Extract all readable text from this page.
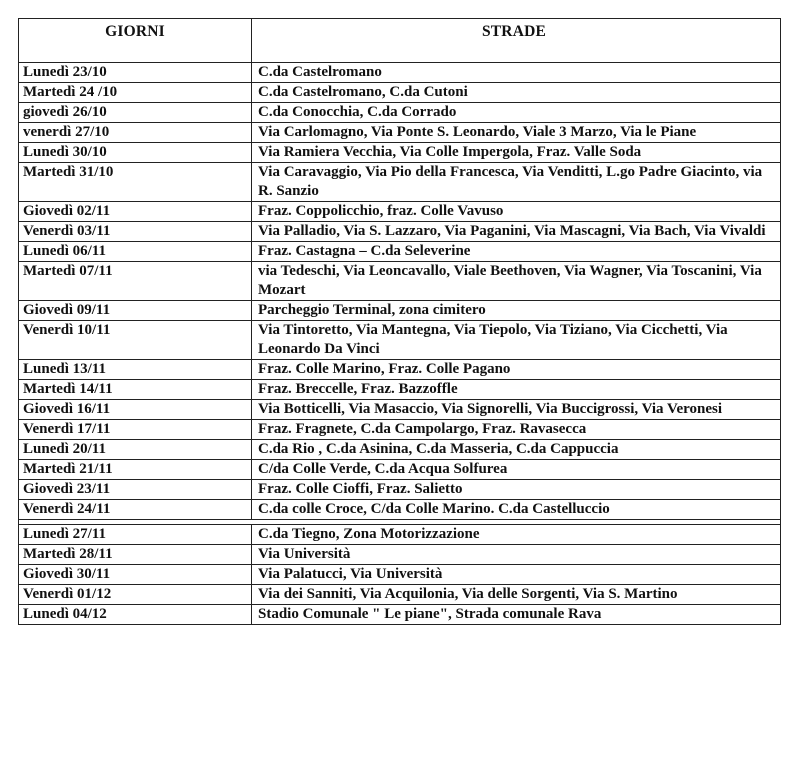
GIORNI	STRADE
Lunedì 23/10	C.da Castelromano
Martedì 24 /10	C.da Castelromano, C.da Cutoni
giovedì 26/10	C.da Conocchia, C.da Corrado
venerdì 27/10	Via Carlomagno, Via Ponte S. Leonardo, Viale 3 Marzo, Via le Piane
Lunedì 30/10	Via Ramiera Vecchia, Via Colle Impergola, Fraz. Valle Soda
Martedì 31/10	Via Caravaggio, Via Pio della Francesca, Via Venditti, L.go Padre Giacinto, via R. Sanzio
Giovedì 02/11	Fraz. Coppolicchio, fraz. Colle Vavuso
Venerdì 03/11	Via Palladio, Via S. Lazzaro, Via Paganini, Via Mascagni, Via Bach, Via Vivaldi
Lunedì 06/11	Fraz. Castagna – C.da Seleverine
Martedì 07/11	via Tedeschi, Via Leoncavallo, Viale Beethoven, Via Wagner, Via Toscanini, Via Mozart
Giovedì 09/11	Parcheggio Terminal, zona cimitero
Venerdì 10/11	Via Tintoretto, Via Mantegna, Via Tiepolo, Via Tiziano, Via Cicchetti, Via Leonardo Da Vinci
Lunedì 13/11	Fraz. Colle Marino, Fraz. Colle Pagano
Martedì 14/11	Fraz. Breccelle, Fraz. Bazzoffle
Giovedì 16/11	Via Botticelli, Via Masaccio, Via Signorelli, Via Buccigrossi, Via Veronesi
Venerdì 17/11	Fraz. Fragnete, C.da Campolargo, Fraz. Ravasecca
Lunedì 20/11	C.da Rio , C.da Asinina, C.da Masseria, C.da Cappuccia
Martedì 21/11	C/da Colle Verde, C.da Acqua Solfurea
Giovedì 23/11	Fraz. Colle Cioffi, Fraz. Salietto
Venerdì 24/11	C.da colle Croce, C/da Colle Marino. C.da Castelluccio

Lunedì 27/11	C.da Tiegno, Zona Motorizzazione
Martedì 28/11	Via Università
Giovedì 30/11	Via Palatucci, Via Università
Venerdì 01/12	Via dei Sanniti, Via Acquilonia, Via delle Sorgenti, Via S. Martino
Lunedì 04/12	Stadio Comunale " Le piane", Strada comunale Rava
